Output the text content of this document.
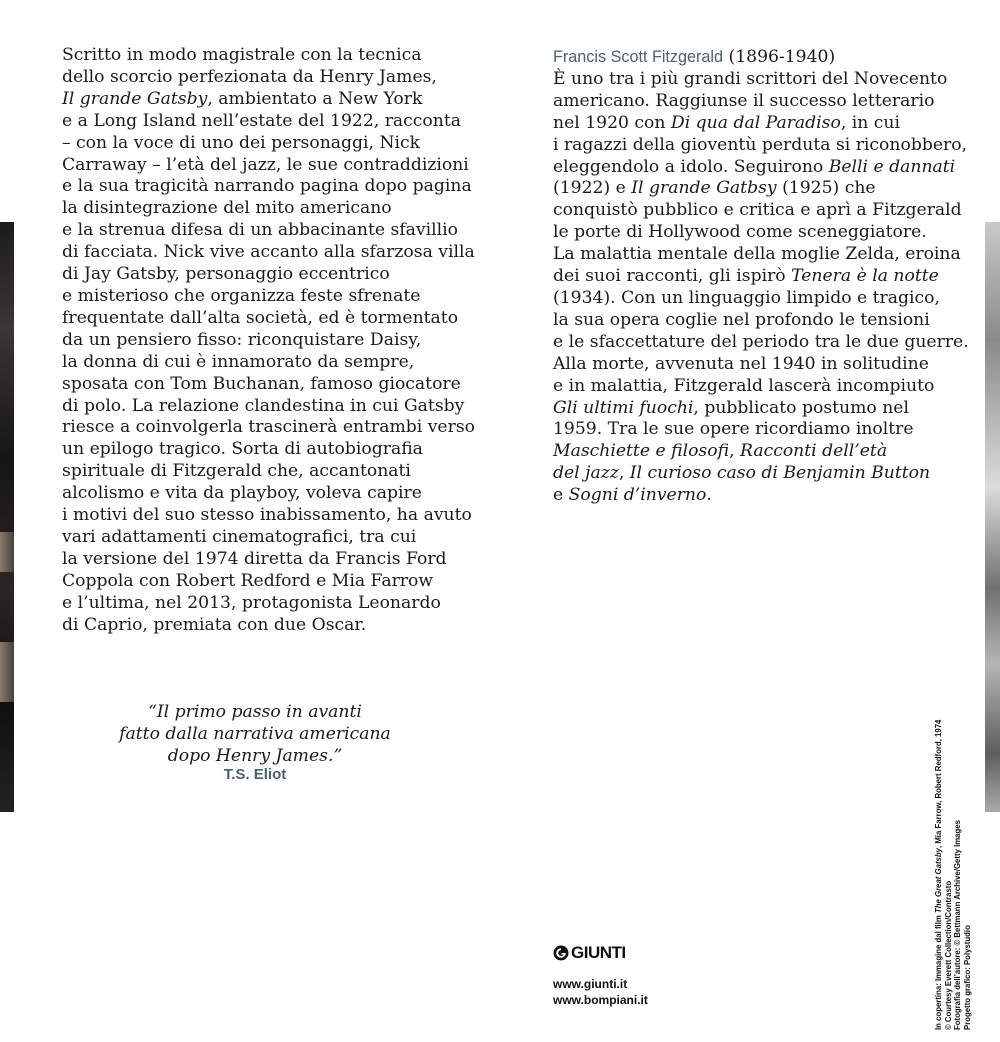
Scritto in modo magistrale con la tecnica
dello scorcio perfezionata da Henry James,
Il grande Gatsby, ambientato a New York
e a Long Island nell’estate del 1922, racconta
– con la voce di uno dei personaggi, Nick
Carraway – l’età del jazz, le sue contraddizioni
e la sua tragicità narrando pagina dopo pagina
la disintegrazione del mito americano
e la strenua difesa di un abbacinante sfavillio
di facciata. Nick vive accanto alla sfarzosa villa
di Jay Gatsby, personaggio eccentrico
e misterioso che organizza feste sfrenate
frequentate dall’alta società, ed è tormentato
da un pensiero fisso: riconquistare Daisy,
la donna di cui è innamorato da sempre,
sposata con Tom Buchanan, famoso giocatore
di polo. La relazione clandestina in cui Gatsby
riesce a coinvolgerla trascinerà entrambi verso
un epilogo tragico. Sorta di autobiografia
spirituale di Fitzgerald che, accantonati
alcolismo e vita da playboy, voleva capire
i motivi del suo stesso inabissamento, ha avuto
vari adattamenti cinematografici, tra cui
la versione del 1974 diretta da Francis Ford
Coppola con Robert Redford e Mia Farrow
e l’ultima, nel 2013, protagonista Leonardo
di Caprio, premiata con due Oscar.
Francis Scott Fitzgerald (1896-1940)
È uno tra i più grandi scrittori del Novecento
americano. Raggiunse il successo letterario
nel 1920 con Di qua dal Paradiso, in cui
i ragazzi della gioventù perduta si riconobbero,
eleggendolo a idolo. Seguirono Belli e dannati
(1922) e Il grande Gatbsy (1925) che
conquistò pubblico e critica e aprì a Fitzgerald
le porte di Hollywood come sceneggiatore.
La malattia mentale della moglie Zelda, eroina
dei suoi racconti, gli ispirò Tenera è la notte
(1934). Con un linguaggio limpido e tragico,
la sua opera coglie nel profondo le tensioni
e le sfaccettature del periodo tra le due guerre.
Alla morte, avvenuta nel 1940 in solitudine
e in malattia, Fitzgerald lascerà incompiuto
Gli ultimi fuochi, pubblicato postumo nel
1959. Tra le sue opere ricordiamo inoltre
Maschiette e filosofi, Racconti dell’età
del jazz, Il curioso caso di Benjamin Button
e Sogni d’inverno.
“Il primo passo in avanti
fatto dalla narrativa americana
dopo Henry James.”
T.S. Eliot
GIUNTI
www.giunti.it
www.bompiani.it	In copertina: Immagine dal film The Great Gatsby, Mia Farrow, Robert Redford, 1974
© Courtesy Everett Collection/Contrasto Fotografia dell’autore: © Bettmann Archive/Getty Images Progetto grafico: Polystudio
